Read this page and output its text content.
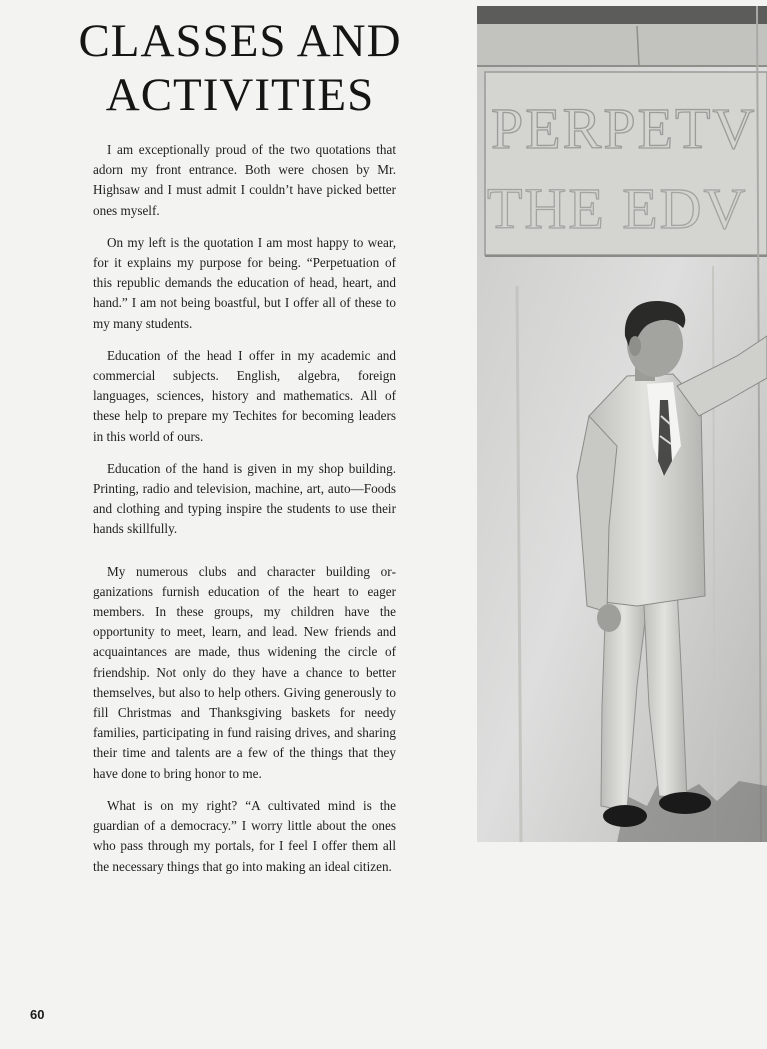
CLASSES AND
ACTIVITIES

I am exceptionally proud of the two quotations that adorn my front entrance. Both were chosen by Mr. Highsaw and I must admit I couldn’t have picked better ones myself.

On my left is the quotation I am most happy to wear, for it explains my purpose for being. “Perpetuation of this republic demands the education of head, heart, and hand.” I am not being boastful, but I offer all of these to my many students.

Education of the head I offer in my academic and commercial subjects. English, algebra, foreign languages, sciences, history and mathematics. All of these help to prepare my Techites for becoming leaders in this world of ours.

Education of the hand is given in my shop building. Printing, radio and television, machine, art, auto—Foods and clothing and typing inspire the students to use their hands skillfully.

My numerous clubs and character building organizations furnish education of the heart to eager members. In these groups, my children have the opportunity to meet, learn, and lead. New friends and acquaintances are made, thus widening the circle of friendship. Not only do they have a chance to better themselves, but also to help others. Giving generously to fill Christmas and Thanksgiving baskets for needy families, participating in fund raising drives, and sharing their time and talents are a few of the things that they have done to bring honor to me.

What is on my right? “A cultivated mind is the guardian of a democracy.” I worry little about the ones who pass through my portals, for I feel I offer them all the necessary things that go into making an ideal citizen.

PERPETV
THE EDV
60
